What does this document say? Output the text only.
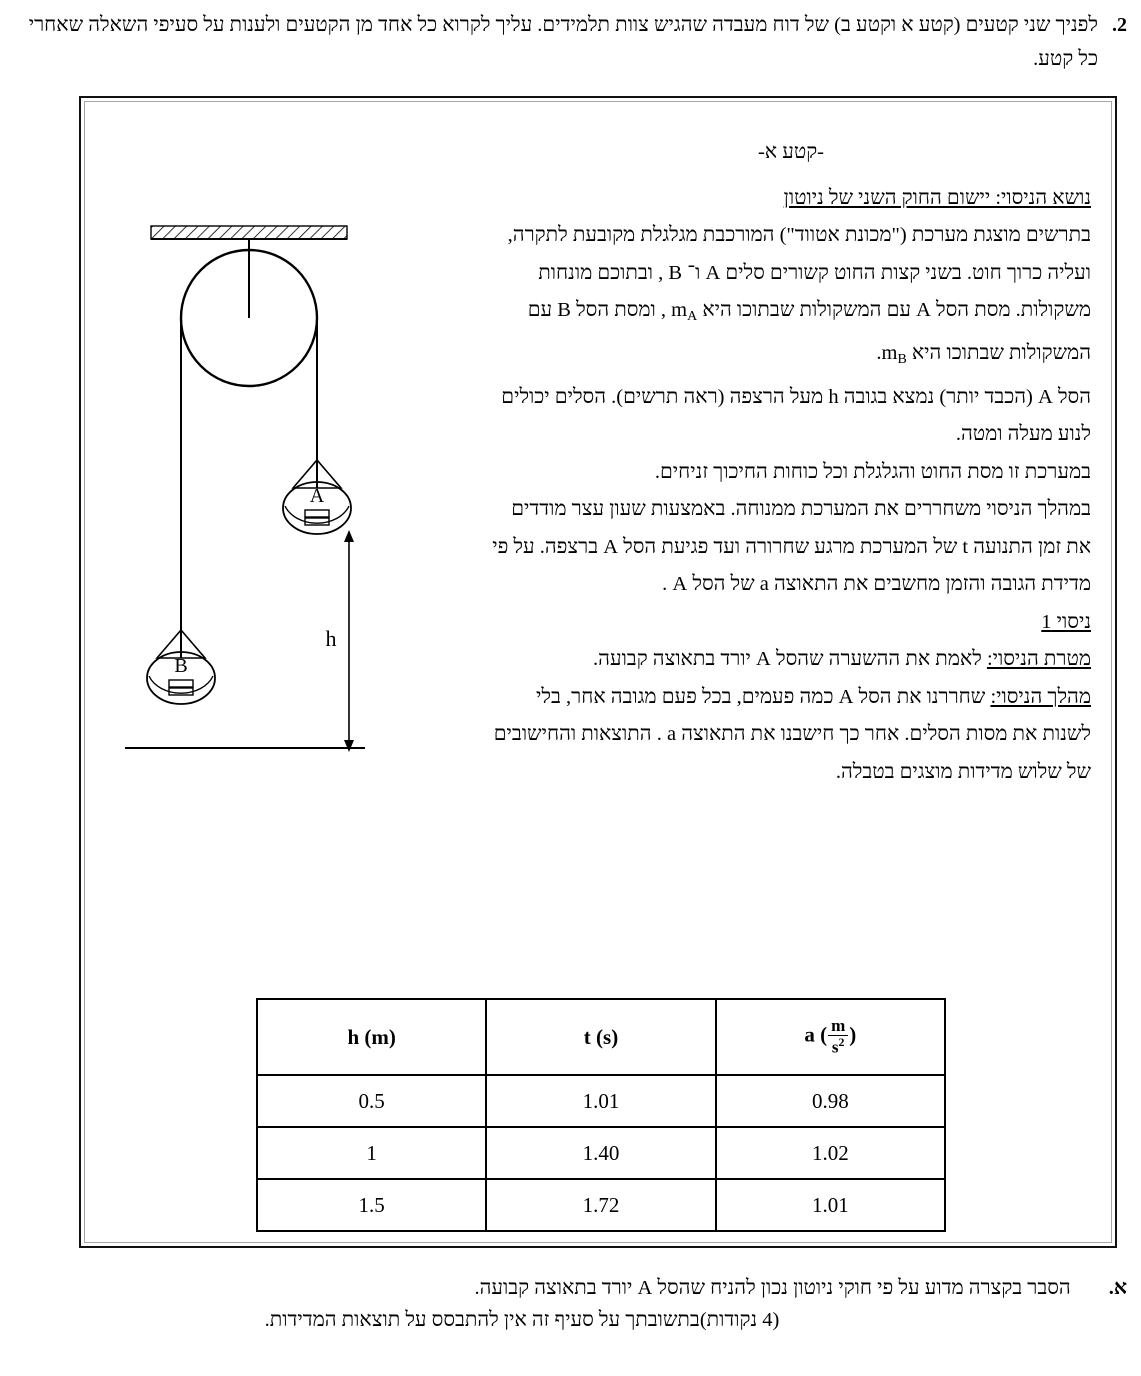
2.
לפניך שני קטעים (קטע א וקטע ב) של דוח מעבדה שהגיש צוות תלמידים. עליך לקרוא כל אחד מן הקטעים ולענות על סעיפי השאלה שאחרי כל קטע.
A
B
h
-קטע א-
נושא הניסוי: יישום החוק השני של ניוטון

בתרשים מוצגת מערכת ("מכונת אטווד") המורכבת מגלגלת מקובעת לתקרה, ועליה כרוך חוט. בשני קצות החוט קשורים סלים A ו־ B , ובתוכם מונחות משקולות. מסת הסל A עם המשקולות שבתוכו היא $m_A$ , ומסת הסל B עם המשקולות שבתוכו היא $m_B$.

הסל A (הכבד יותר) נמצא בגובה h מעל הרצפה (ראה תרשים). הסלים יכולים לנוע מעלה ומטה.

במערכת זו מסת החוט והגלגלת וכל כוחות החיכוך זניחים.

במהלך הניסוי משחררים את המערכת ממנוחה. באמצעות שעון עצר מודדים את זמן התנועה t של המערכת מרגע שחרורה ועד פגיעת הסל A ברצפה. על פי מדידת הגובה והזמן מחשבים את התאוצה a של הסל A .

ניסוי 1

מטרת הניסוי: לאמת את ההשערה שהסל A יורד בתאוצה קבועה.

מהלך הניסוי: שחררנו את הסל A כמה פעמים, בכל פעם מגובה אחר, בלי לשנות את מסות הסלים. אחר כך חישבנו את התאוצה a . התוצאות והחישובים של שלוש מדידות מוצגים בטבלה.

h (m)	t (s)	a ( $\frac{m}{s^2}$ )
0.5	1.01	0.98
1	1.40	1.02
1.5	1.72	1.01
א.
הסבר בקצרה מדוע על פי חוקי ניוטון נכון להניח שהסל A יורד בתאוצה קבועה.
(4 נקודות)בתשובתך על סעיף זה אין להתבסס על תוצאות המדידות.
